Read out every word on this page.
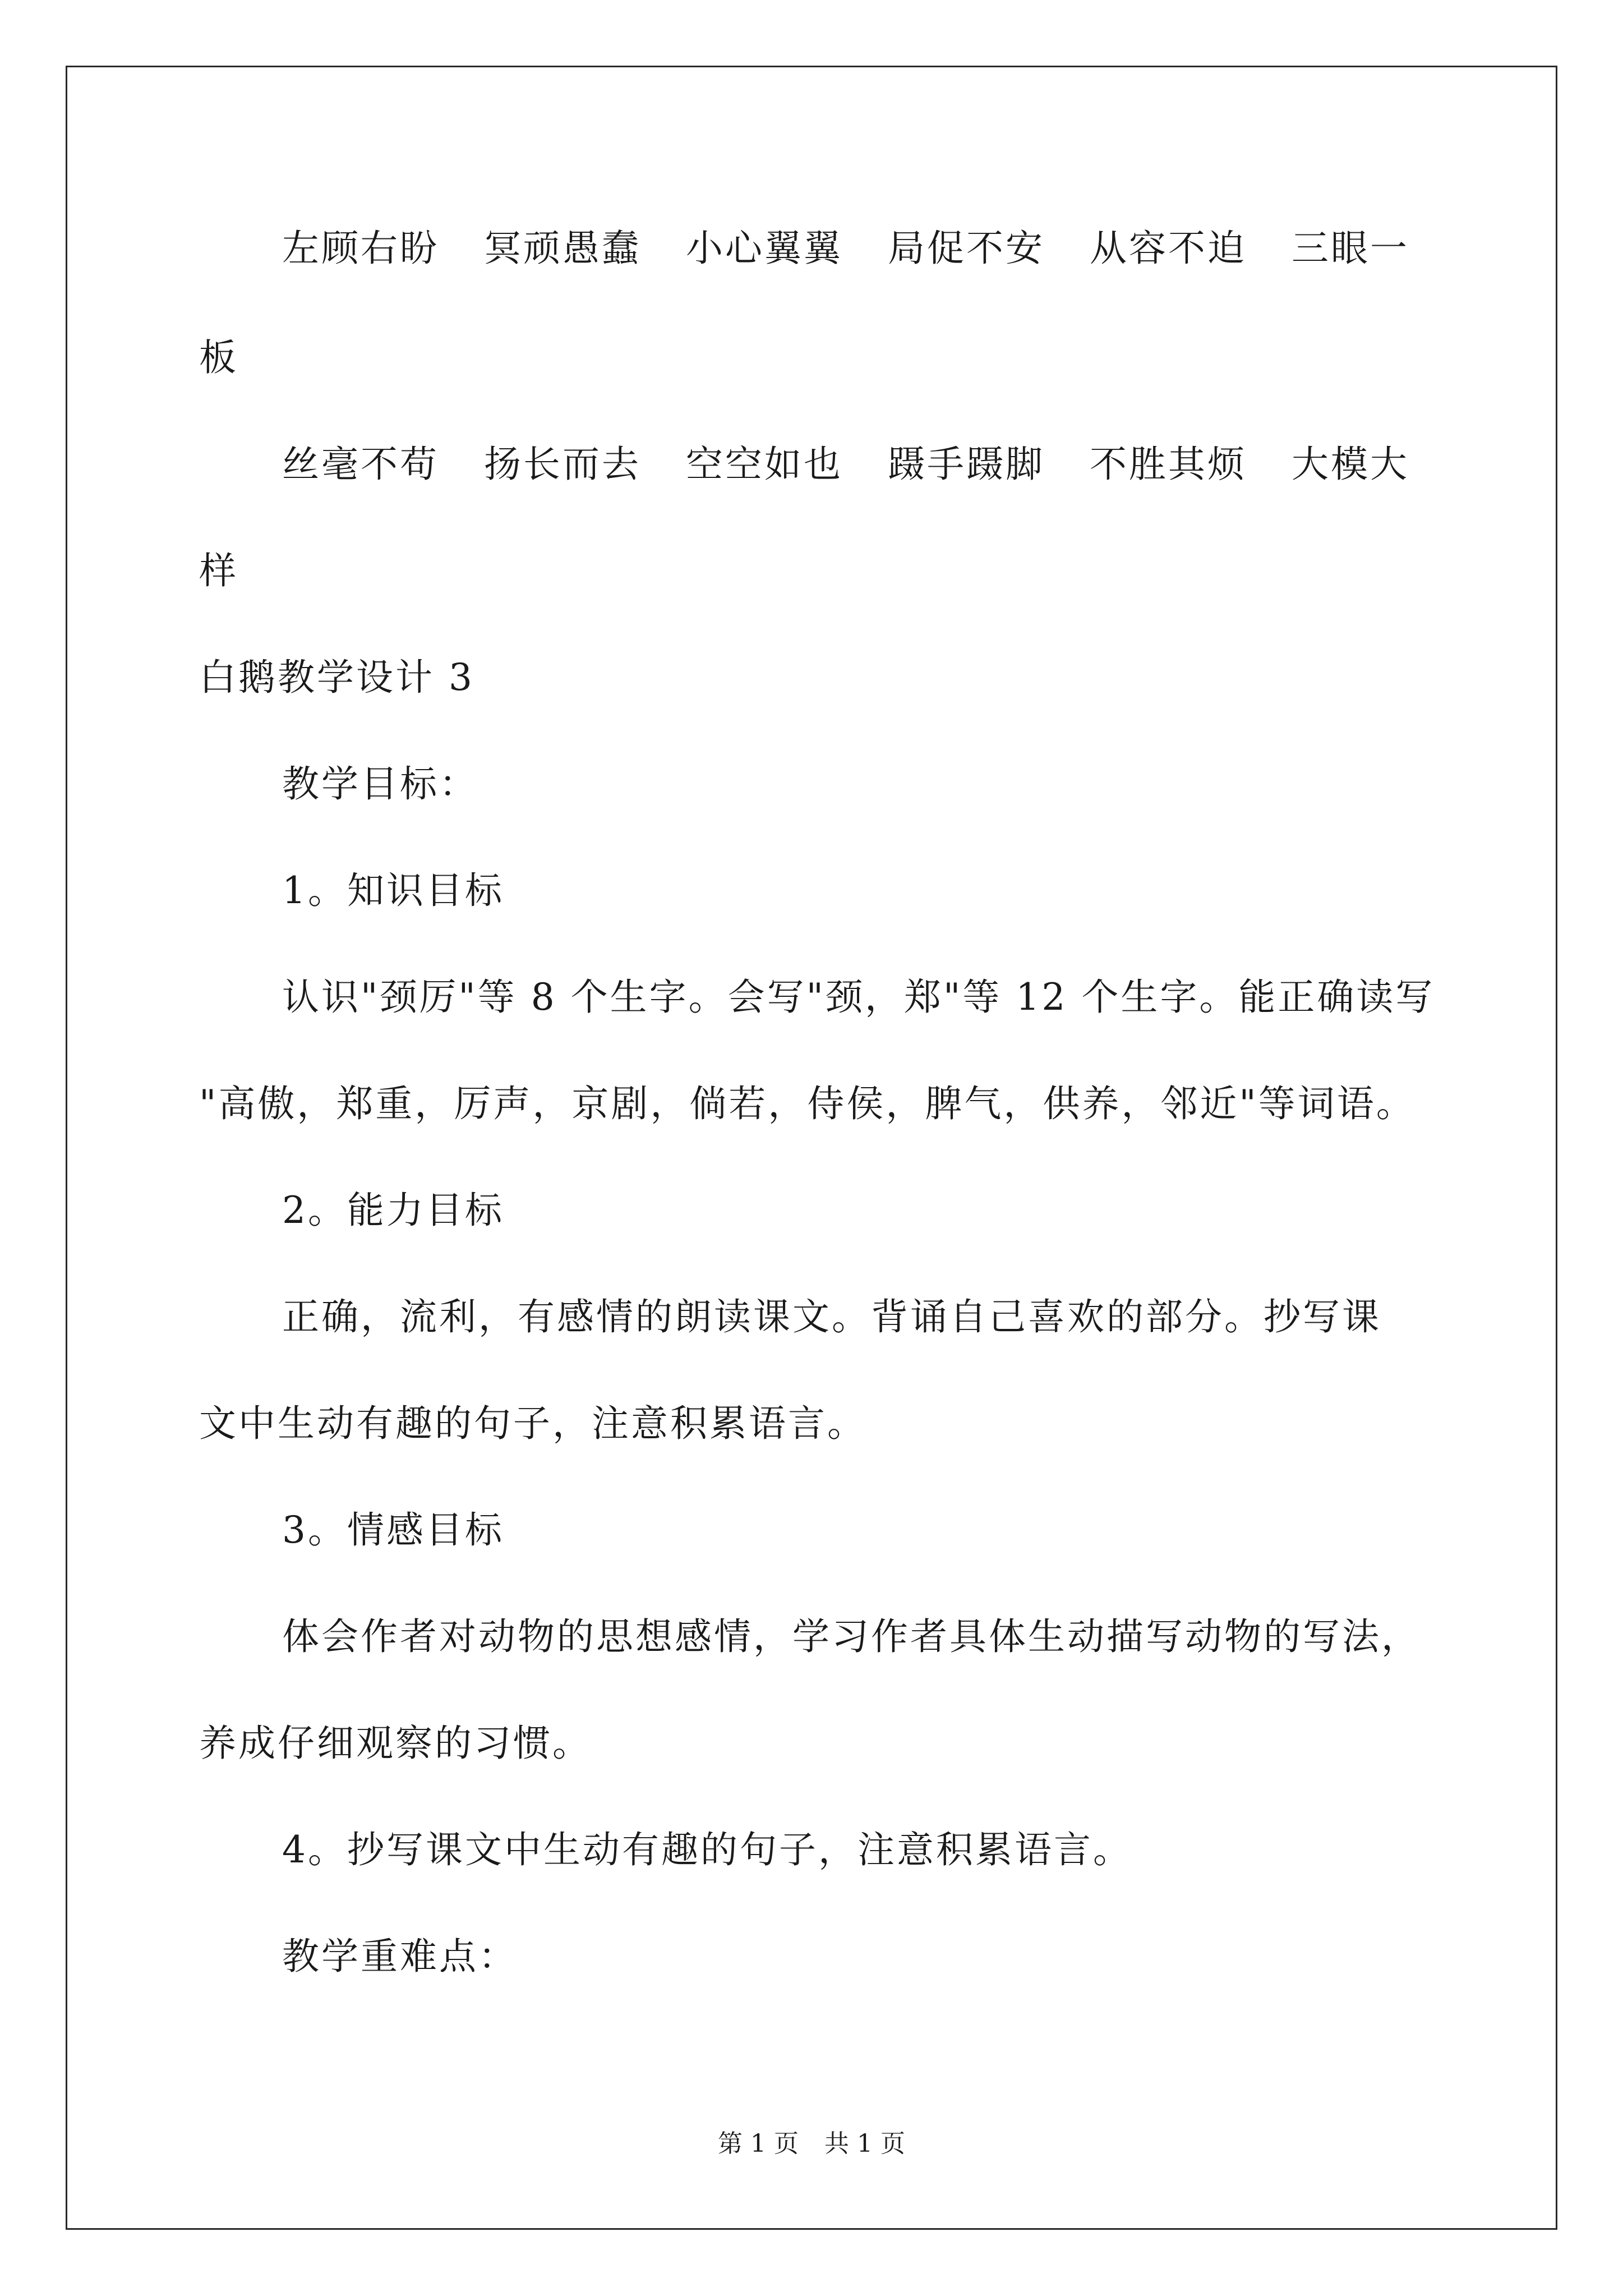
左顾右盼 冥顽愚蠢 小心翼翼 局促不安 从容不迫 三眼一
板
丝毫不苟 扬长而去 空空如也 蹑手蹑脚 不胜其烦 大模大
样
白鹅教学设计 3
教学目标：
1。知识目标
认识"颈厉"等 8 个生字。会写"颈，郑"等 12 个生字。能正确读写
"高傲，郑重，厉声，京剧，倘若，侍侯，脾气，供养，邻近"等词语。
2。能力目标
正确，流利，有感情的朗读课文。背诵自己喜欢的部分。抄写课
文中生动有趣的句子，注意积累语言。
3。情感目标
体会作者对动物的思想感情，学习作者具体生动描写动物的写法，
养成仔细观察的习惯。
4。抄写课文中生动有趣的句子，注意积累语言。
教学重难点：
第 1 页 共 1 页
